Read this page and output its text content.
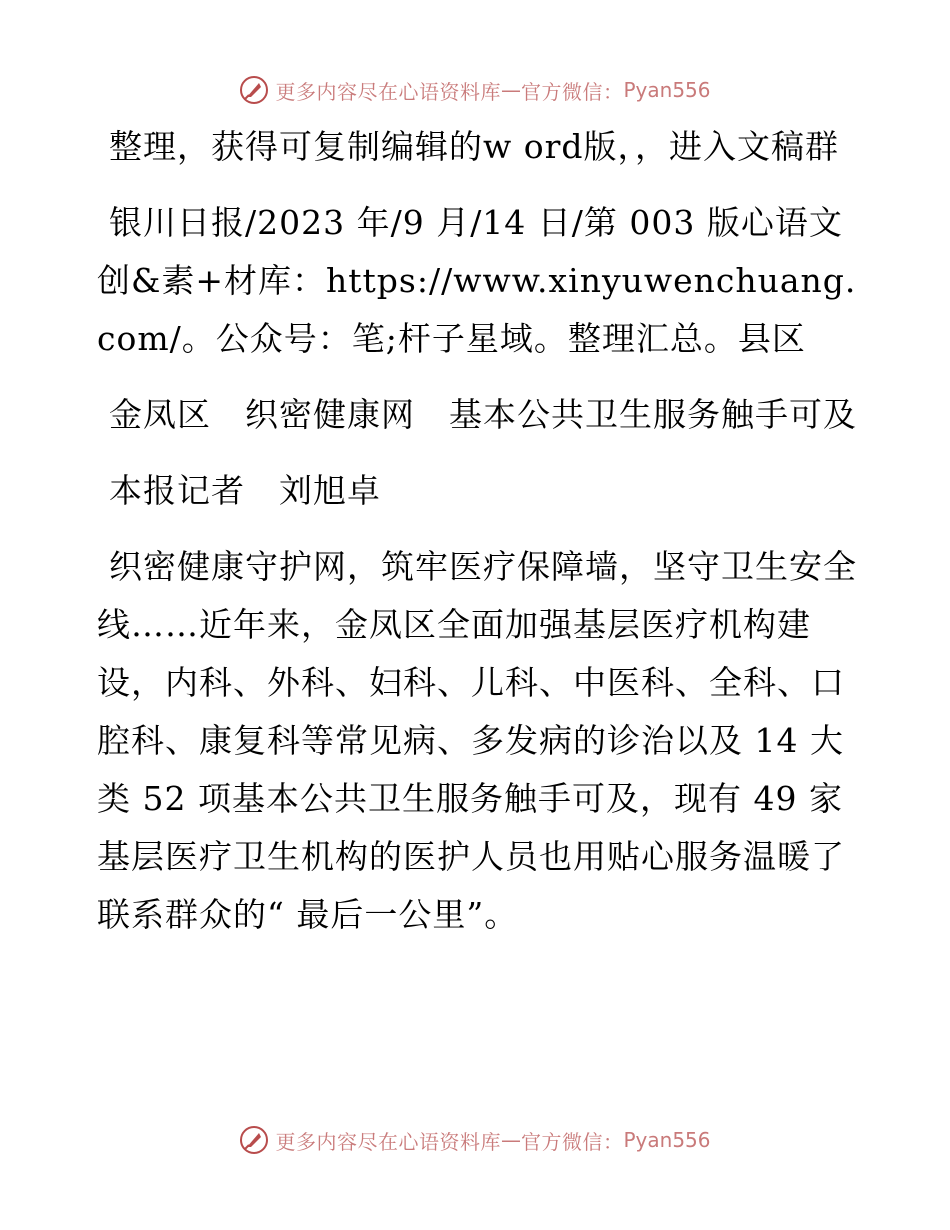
更多内容尽在心语资料库 — 官方微信： Pyan556

整理，获得可复制编辑的w ord版，，进入文稿群

银川日报/2023 年/9 月/14 日/第 003 版心语文创&素+材库：https://www.xinyuwenchuang.com/。公众号：笔;杆子星域。整理汇总。县区

金凤区　织密健康网　基本公共卫生服务触手可及

本报记者　刘旭卓

织密健康守护网，筑牢医疗保障墙，坚守卫生安全线……近年来，金凤区全面加强基层医疗机构建设，内科、外科、妇科、儿科、中医科、全科、口腔科、康复科等常见病、多发病的诊治以及 14 大类 52 项基本公共卫生服务触手可及，现有 49 家基层医疗卫生机构的医护人员也用贴心服务温暖了联系群众的“ 最后一公里”。

更多内容尽在心语资料库 — 官方微信： Pyan556
